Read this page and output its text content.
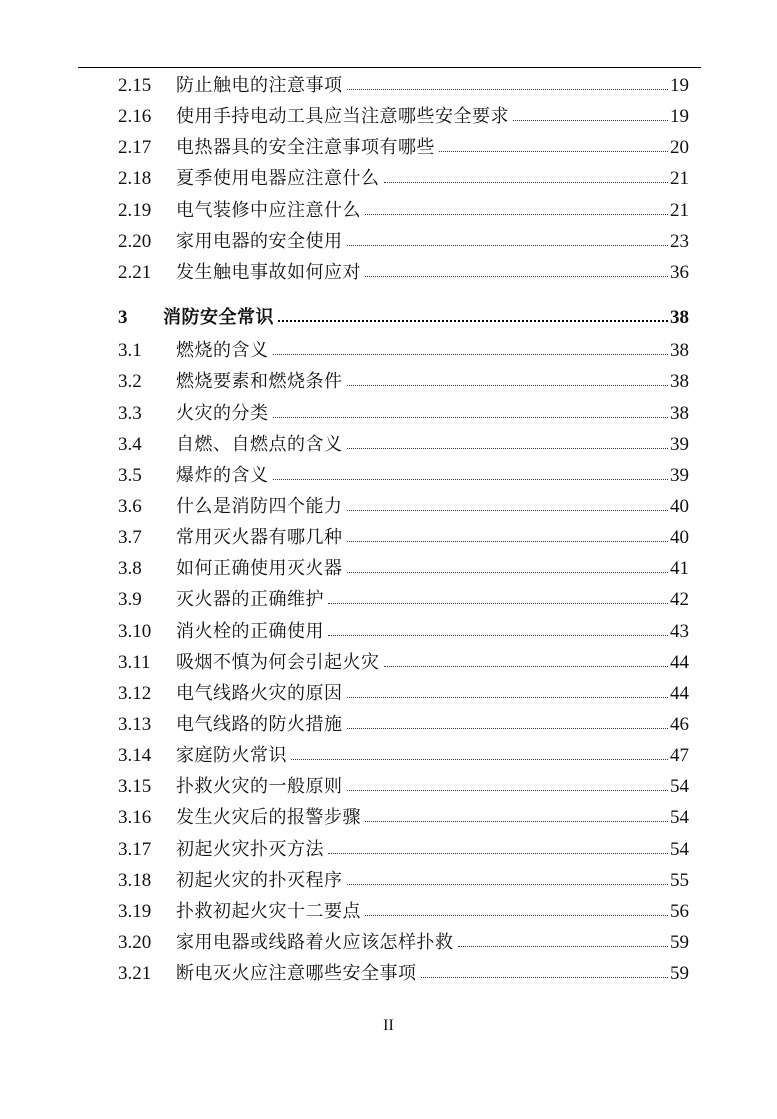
2.15	防止触电的注意事项	19
2.16	使用手持电动工具应当注意哪些安全要求	19
2.17	电热器具的安全注意事项有哪些	20
2.18	夏季使用电器应注意什么	21
2.19	电气装修中应注意什么	21
2.20	家用电器的安全使用	23
2.21	发生触电事故如何应对	36
3	消防安全常识	38
3.1	燃烧的含义	38
3.2	燃烧要素和燃烧条件	38
3.3	火灾的分类	38
3.4	自燃、自燃点的含义	39
3.5	爆炸的含义	39
3.6	什么是消防四个能力	40
3.7	常用灭火器有哪几种	40
3.8	如何正确使用灭火器	41
3.9	灭火器的正确维护	42
3.10	消火栓的正确使用	43
3.11	吸烟不慎为何会引起火灾	44
3.12	电气线路火灾的原因	44
3.13	电气线路的防火措施	46
3.14	家庭防火常识	47
3.15	扑救火灾的一般原则	54
3.16	发生火灾后的报警步骤	54
3.17	初起火灾扑灭方法	54
3.18	初起火灾的扑灭程序	55
3.19	扑救初起火灾十二要点	56
3.20	家用电器或线路着火应该怎样扑救	59
3.21	断电灭火应注意哪些安全事项	59
II
